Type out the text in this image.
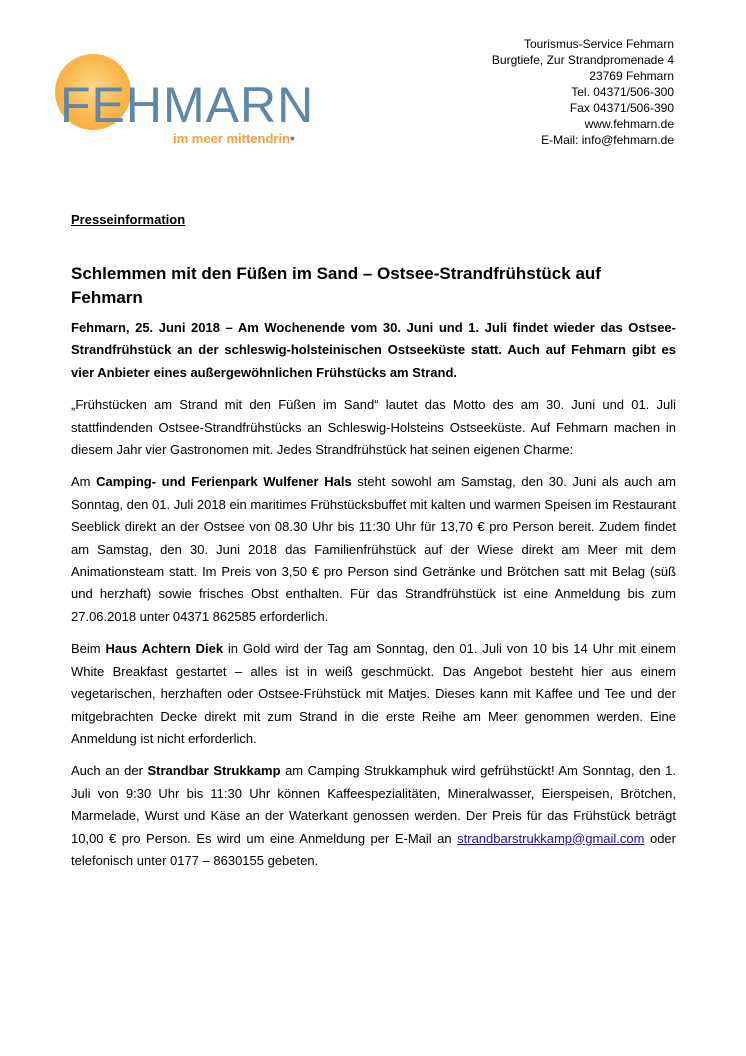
FEHMARN
im meer mittendrin•
Tourismus-Service Fehmarn
Burgtiefe, Zur Strandpromenade 4
23769 Fehmarn
Tel. 04371/506-300
Fax 04371/506-390
www.fehmarn.de
E-Mail: info@fehmarn.de
Presseinformation
Schlemmen mit den Füßen im Sand – Ostsee-Strandfrühstück auf Fehmarn

Fehmarn, 25. Juni 2018 – Am Wochenende vom 30. Juni und 1. Juli findet wieder das Ostsee-Strandfrühstück an der schleswig-holsteinischen Ostseeküste statt. Auch auf Fehmarn gibt es vier Anbieter eines außergewöhnlichen Frühstücks am Strand.

„Frühstücken am Strand mit den Füßen im Sand“ lautet das Motto des am 30. Juni und 01. Juli stattfindenden Ostsee-Strandfrühstücks an Schleswig-Holsteins Ostseeküste. Auf Fehmarn machen in diesem Jahr vier Gastronomen mit. Jedes Strandfrühstück hat seinen eigenen Charme:

Am Camping- und Ferienpark Wulfener Hals steht sowohl am Samstag, den 30. Juni als auch am Sonntag, den 01. Juli 2018 ein maritimes Frühstücksbuffet mit kalten und warmen Speisen im Restaurant Seeblick direkt an der Ostsee von 08.30 Uhr bis 11:30 Uhr für 13,70 € pro Person bereit. Zudem findet am Samstag, den 30. Juni 2018 das Familienfrühstück auf der Wiese direkt am Meer mit dem Animationsteam statt. Im Preis von 3,50 € pro Person sind Getränke und Brötchen satt mit Belag (süß und herzhaft) sowie frisches Obst enthalten. Für das Strandfrühstück ist eine Anmeldung bis zum 27.06.2018 unter 04371 862585 erforderlich.

Beim Haus Achtern Diek in Gold wird der Tag am Sonntag, den 01. Juli von 10 bis 14 Uhr mit einem White Breakfast gestartet – alles ist in weiß geschmückt. Das Angebot besteht hier aus einem vegetarischen, herzhaften oder Ostsee-Frühstück mit Matjes. Dieses kann mit Kaffee und Tee und der mitgebrachten Decke direkt mit zum Strand in die erste Reihe am Meer genommen werden. Eine Anmeldung ist nicht erforderlich.

Auch an der Strandbar Strukkamp am Camping Strukkamphuk wird gefrühstückt! Am Sonntag, den 1. Juli von 9:30 Uhr bis 11:30 Uhr können Kaffeespezialitäten, Mineralwasser, Eierspeisen, Brötchen, Marmelade, Wurst und Käse an der Waterkant genossen werden. Der Preis für das Frühstück beträgt 10,00 € pro Person. Es wird um eine Anmeldung per E-Mail an strandbarstrukkamp@gmail.com oder telefonisch unter 0177 – 8630155 gebeten.
